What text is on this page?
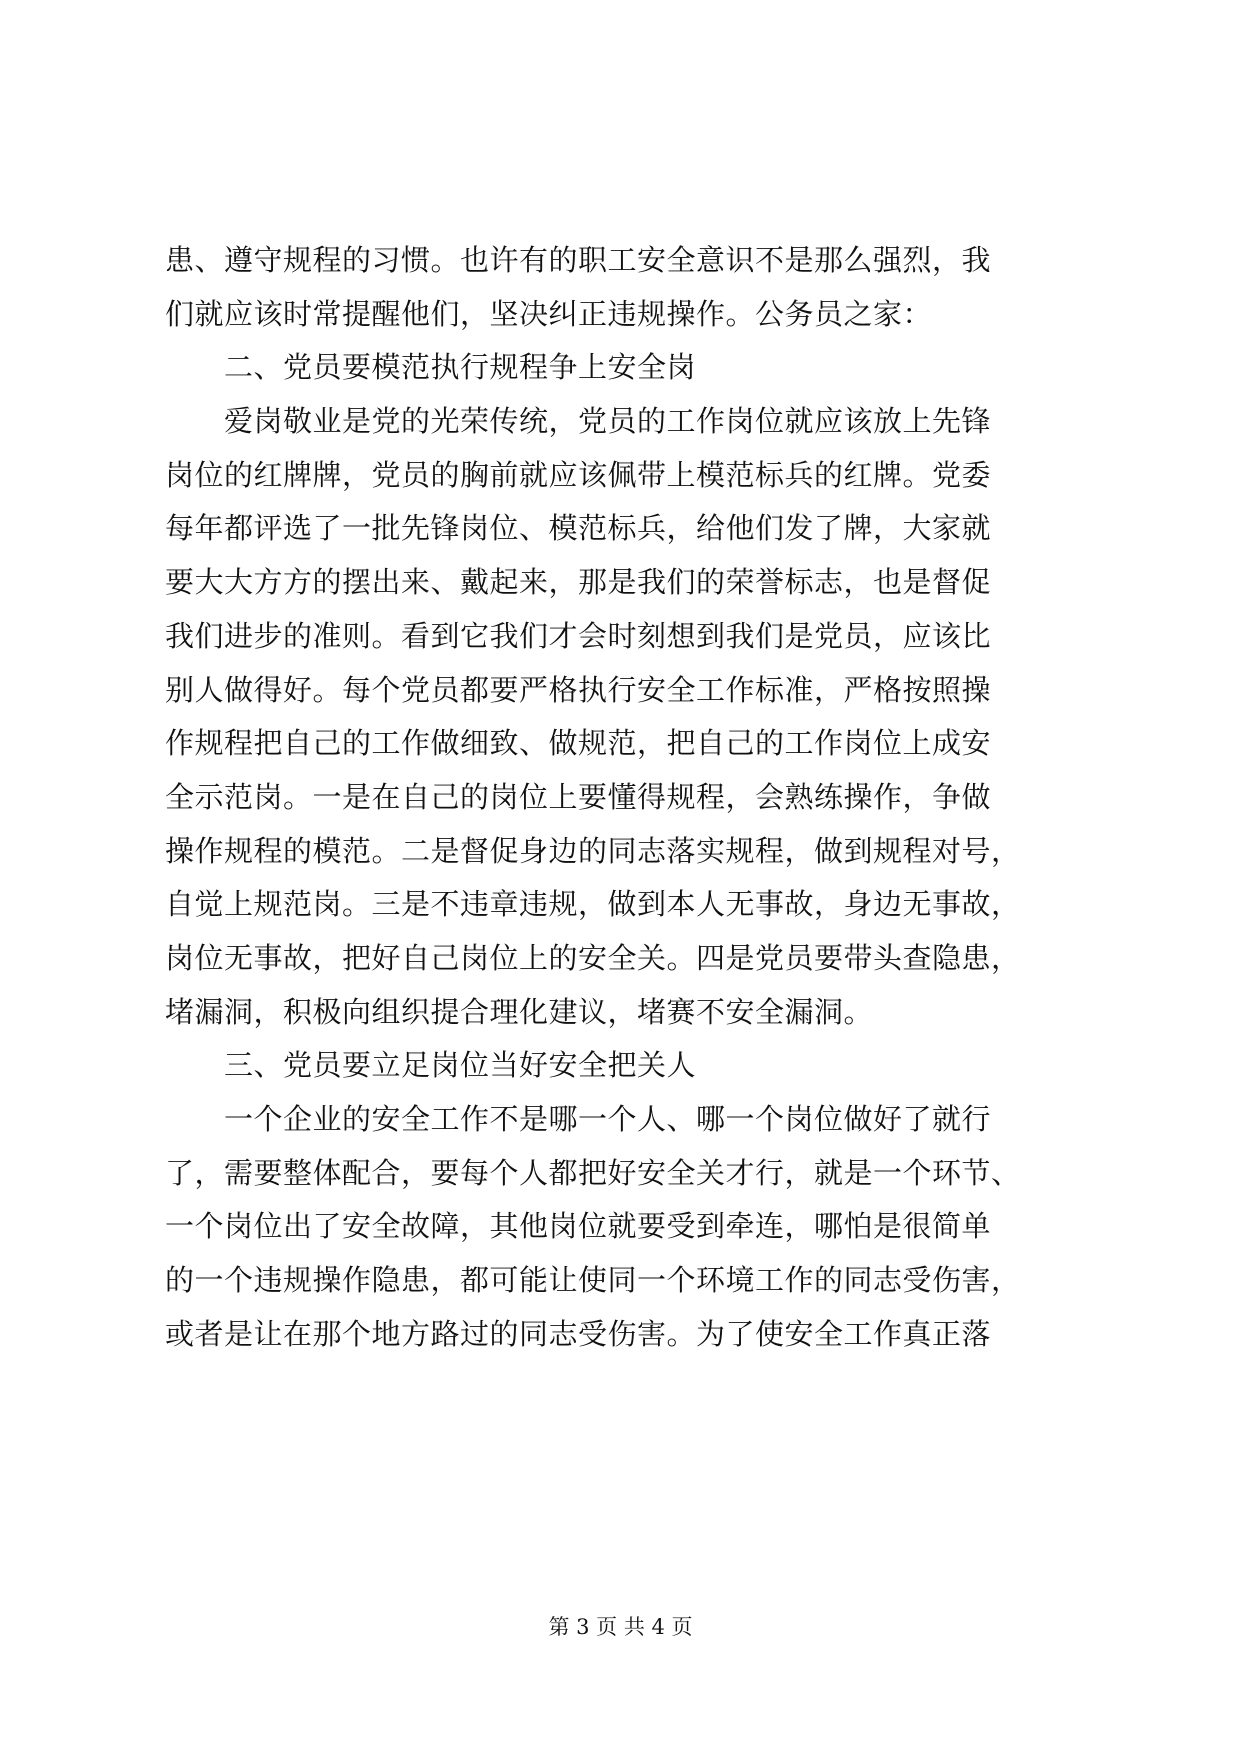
患、遵守规程的习惯。也许有的职工安全意识不是那么强烈，我
们就应该时常提醒他们，坚决纠正违规操作。公务员之家：
　　二、党员要模范执行规程争上安全岗
　　爱岗敬业是党的光荣传统，党员的工作岗位就应该放上先锋
岗位的红牌牌，党员的胸前就应该佩带上模范标兵的红牌。党委
每年都评选了一批先锋岗位、模范标兵，给他们发了牌，大家就
要大大方方的摆出来、戴起来，那是我们的荣誉标志，也是督促
我们进步的准则。看到它我们才会时刻想到我们是党员，应该比
别人做得好。每个党员都要严格执行安全工作标准，严格按照操
作规程把自己的工作做细致、做规范，把自己的工作岗位上成安
全示范岗。一是在自己的岗位上要懂得规程，会熟练操作，争做
操作规程的模范。二是督促身边的同志落实规程，做到规程对号，
自觉上规范岗。三是不违章违规，做到本人无事故，身边无事故，
岗位无事故，把好自己岗位上的安全关。四是党员要带头查隐患，
堵漏洞，积极向组织提合理化建议，堵赛不安全漏洞。
　　三、党员要立足岗位当好安全把关人
　　一个企业的安全工作不是哪一个人、哪一个岗位做好了就行
了，需要整体配合，要每个人都把好安全关才行，就是一个环节、
一个岗位出了安全故障，其他岗位就要受到牵连，哪怕是很简单
的一个违规操作隐患，都可能让使同一个环境工作的同志受伤害，
或者是让在那个地方路过的同志受伤害。为了使安全工作真正落
第 3 页 共 4 页
